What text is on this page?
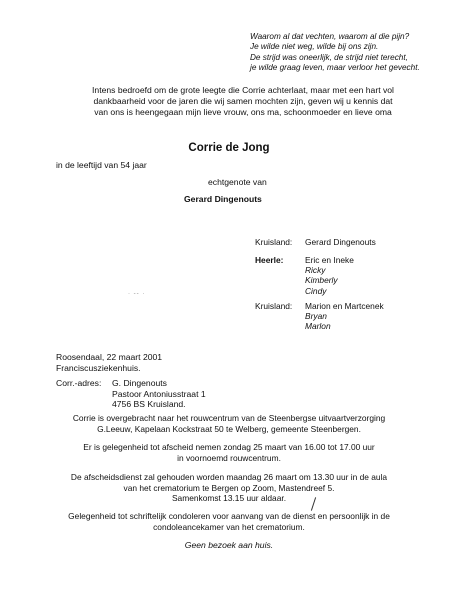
Waarom al dat vechten, waarom al die pijn?
Je wilde niet weg, wilde bij ons zijn.
De strijd was oneerlijk, de strijd niet terecht,
je wilde graag leven, maar verloor het gevecht.
Intens bedroefd om de grote leegte die Corrie achterlaat, maar met een hart vol
dankbaarheid voor de jaren die wij samen mochten zijn, geven wij u kennis dat
van ons is heengegaan mijn lieve vrouw, ons ma, schoonmoeder en lieve oma
Corrie de Jong
in de leeftijd van 54 jaar
echtgenote van
Gerard Dingenouts
Kruisland: Gerard Dingenouts
Heerle:	Eric en Ineke
Ricky
Kimberly
Cindy
Kruisland: Marion en Martcenek
Bryan
Marlon
· -- ·
Roosendaal, 22 maart 2001
Franciscusziekenhuis.
Corr.-adres: G. Dingenouts
Pastoor Antoniusstraat 1
4756 BS Kruisland.
Corrie is overgebracht naar het rouwcentrum van de Steenbergse uitvaartverzorging
G.Leeuw, Kapelaan Kockstraat 50 te Welberg, gemeente Steenbergen.
Er is gelegenheid tot afscheid nemen zondag 25 maart van 16.00 tot 17.00 uur
in voornoemd rouwcentrum.
De afscheidsdienst zal gehouden worden maandag 26 maart om 13.30 uur in de aula
van het crematorium te Bergen op Zoom, Mastendreef 5.
Samenkomst 13.15 uur aldaar.
Gelegenheid tot schriftelijk condoleren voor aanvang van de dienst en persoonlijk in de
condoleancekamer van het crematorium.
Geen bezoek aan huis.
